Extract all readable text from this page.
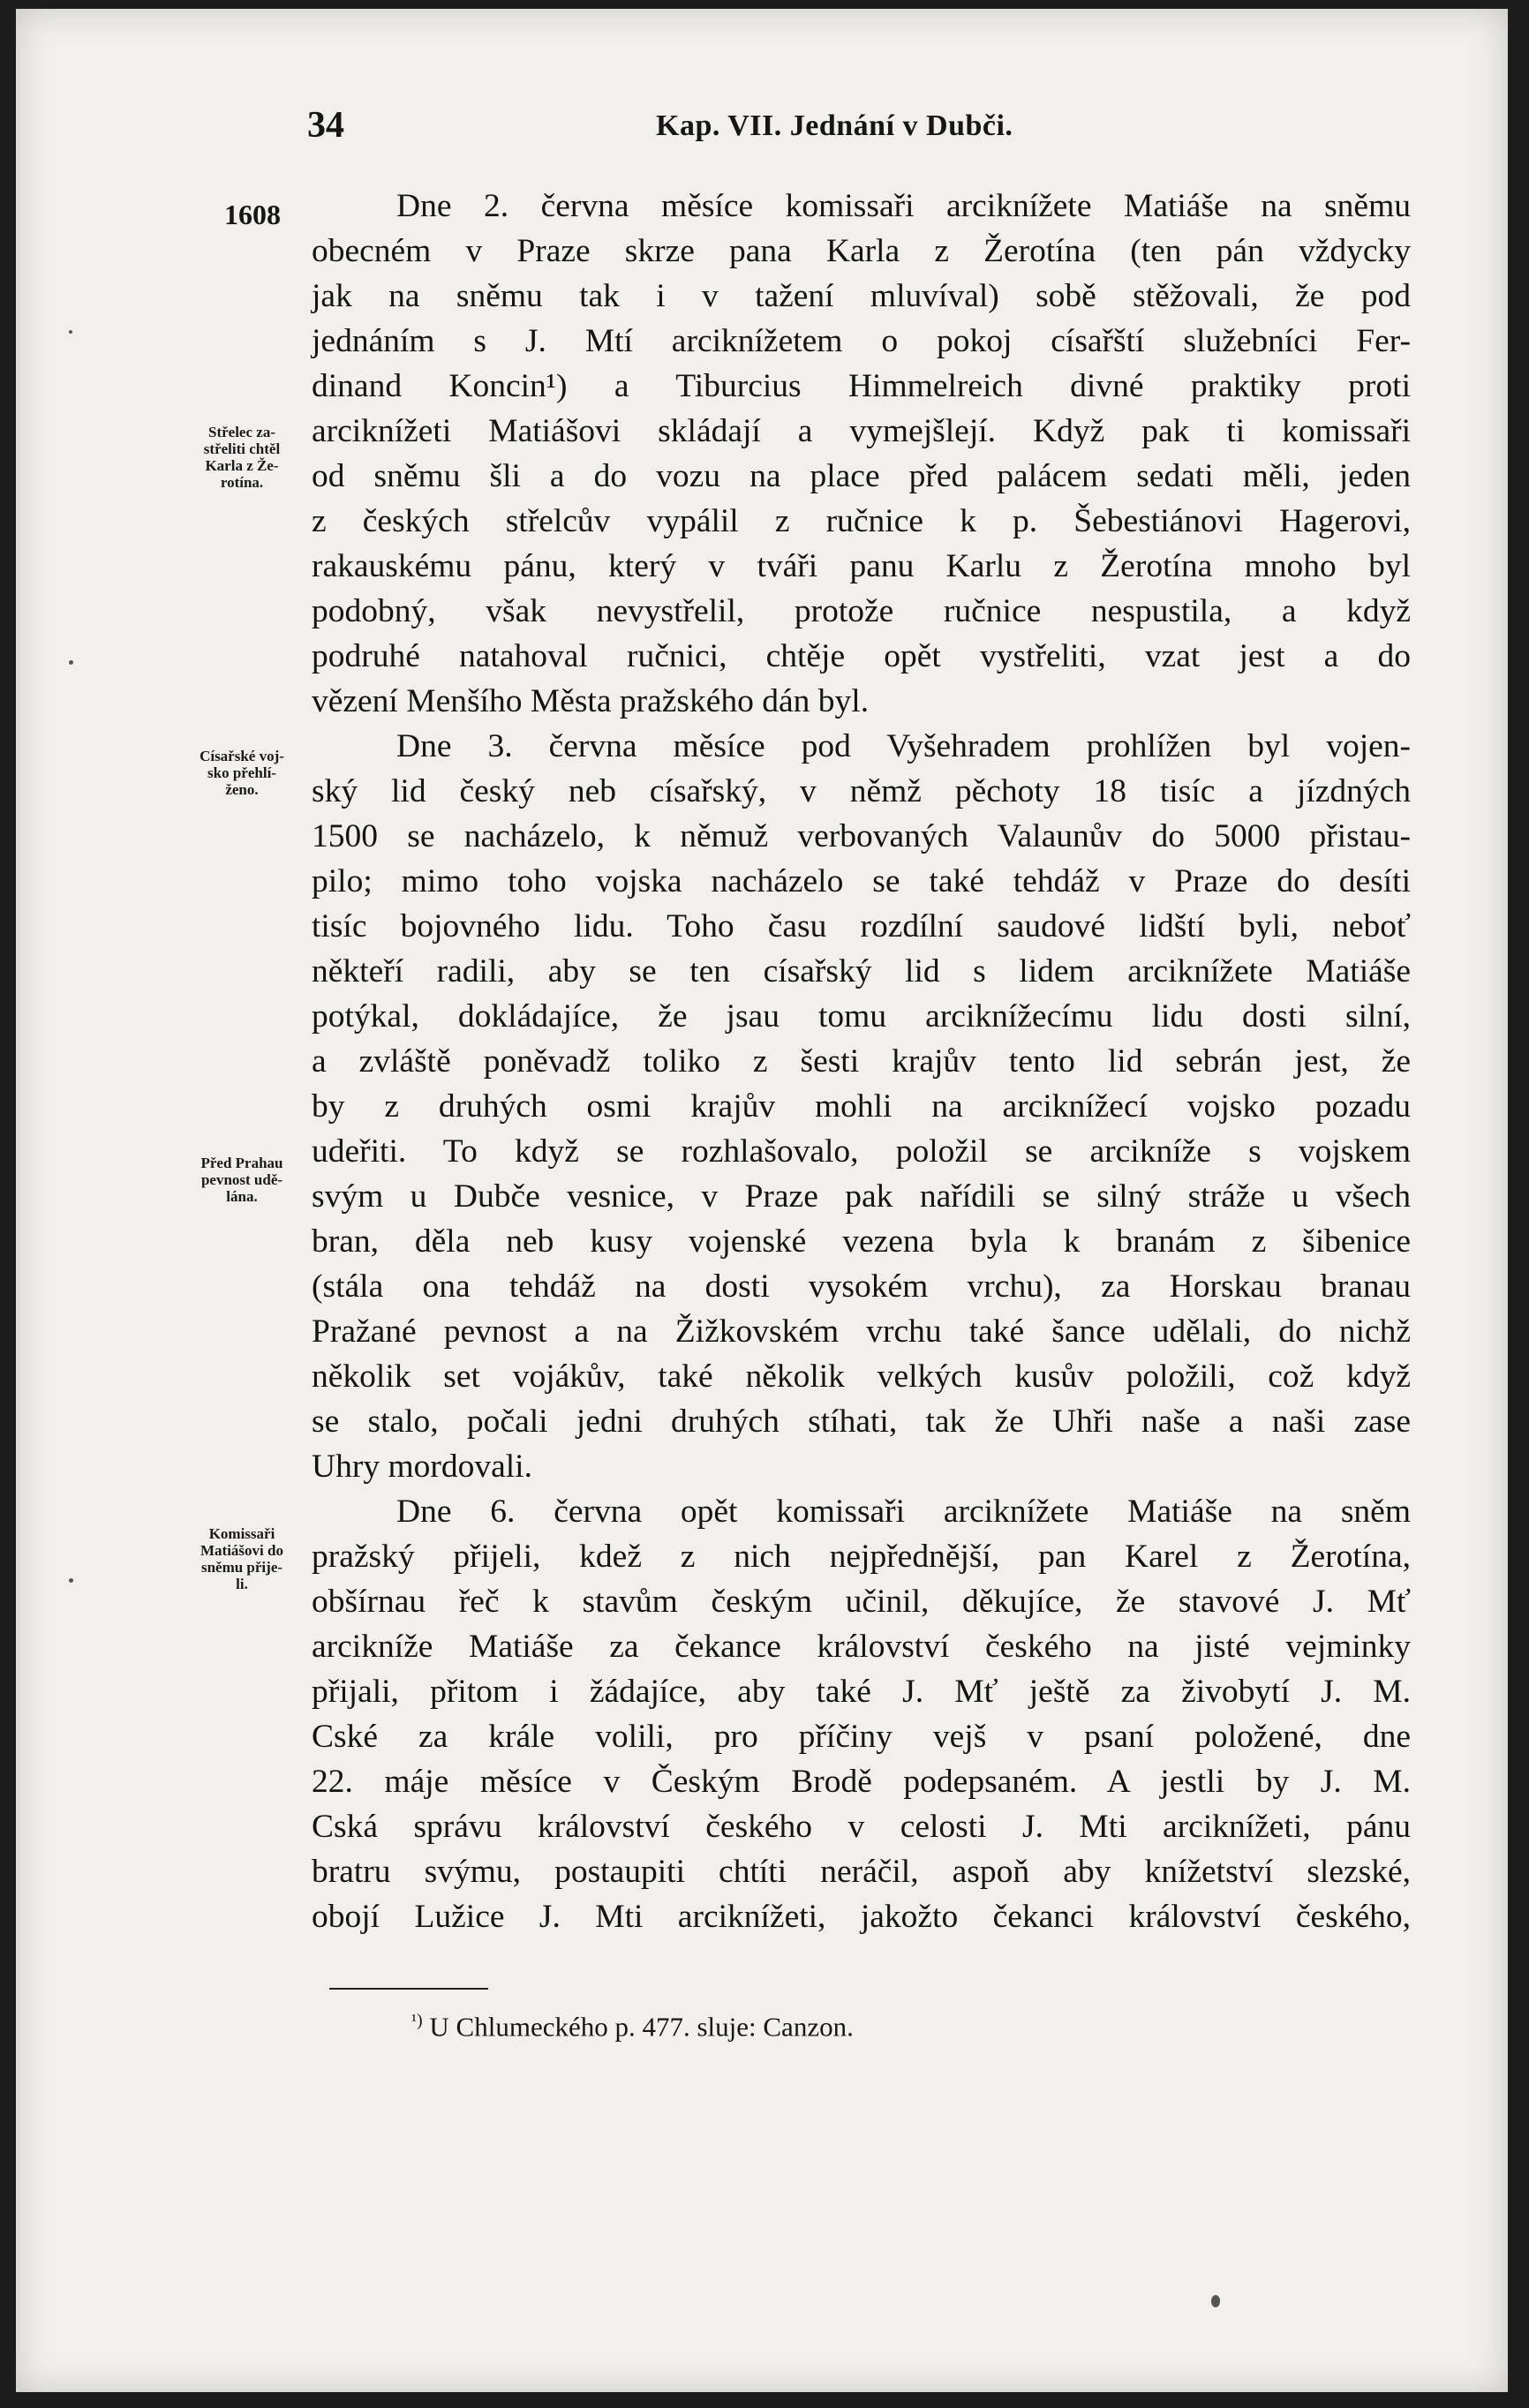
34	Kap. VII. Jednání v Dubči.
1608
Střelec za-
střeliti chtěl
Karla z Že-
rotína.
Císařské voj-
sko přehlí-
ženo.
Před Prahau
pevnost udě-
lána.
Komissaři
Matiášovi do
sněmu přije-
li.
Dne 2. června měsíce komissaři arciknížete Matiáše na sněmu
obecném v Praze skrze pana Karla z Žerotína (ten pán vždycky
jak na sněmu tak i v tažení mluvíval) sobě stěžovali, že pod
jednáním s J. Mtí arciknížetem o pokoj císařští služebníci Fer-
dinand Koncin¹) a Tiburcius Himmelreich divné praktiky proti
arciknížeti Matiášovi skládají a vymejšlejí. Když pak ti komissaři
od sněmu šli a do vozu na place před palácem sedati měli, jeden
z českých střelcův vypálil z ručnice k p. Šebestiánovi Hagerovi,
rakauskému pánu, který v tváři panu Karlu z Žerotína mnoho byl
podobný, však nevystřelil, protože ručnice nespustila, a když
podruhé natahoval ručnici, chtěje opět vystřeliti, vzat jest a do
vězení Menšího Města pražského dán byl.
Dne 3. června měsíce pod Vyšehradem prohlížen byl vojen-
ský lid český neb císařský, v němž pěchoty 18 tisíc a jízdných
1500 se nacházelo, k němuž verbovaných Valaunův do 5000 přistau-
pilo; mimo toho vojska nacházelo se také tehdáž v Praze do desíti
tisíc bojovného lidu. Toho času rozdílní saudové lidští byli, neboť
někteří radili, aby se ten císařský lid s lidem arciknížete Matiáše
potýkal, dokládajíce, že jsau tomu arciknížecímu lidu dosti silní,
a zvláště poněvadž toliko z šesti krajův tento lid sebrán jest, že
by z druhých osmi krajův mohli na arciknížecí vojsko pozadu
udeřiti. To když se rozhlašovalo, položil se arcikníže s vojskem
svým u Dubče vesnice, v Praze pak nařídili se silný stráže u všech
bran, děla neb kusy vojenské vezena byla k branám z šibenice
(stála ona tehdáž na dosti vysokém vrchu), za Horskau branau
Pražané pevnost a na Žižkovském vrchu také šance udělali, do nichž
několik set vojákův, také několik velkých kusův položili, což když
se stalo, počali jedni druhých stíhati, tak že Uhři naše a naši zase
Uhry mordovali.
Dne 6. června opět komissaři arciknížete Matiáše na sněm
pražský přijeli, kdež z nich nejpřednější, pan Karel z Žerotína,
obšírnau řeč k stavům českým učinil, děkujíce, že stavové J. Mť
arcikníže Matiáše za čekance království českého na jisté vejminky
přijali, přitom i žádajíce, aby také J. Mť ještě za živobytí J. M.
Cské za krále volili, pro příčiny vejš v psaní položené, dne
22. máje měsíce v Českým Brodě podepsaném. A jestli by J. M.
Cská správu království českého v celosti J. Mti arciknížeti, pánu
bratru svýmu, postaupiti chtíti neráčil, aspoň aby knížetství slezské,
obojí Lužice J. Mti arciknížeti, jakožto čekanci království českého,
$^{^1)}$ U Chlumeckého p. 477. sluje: Canzon.
